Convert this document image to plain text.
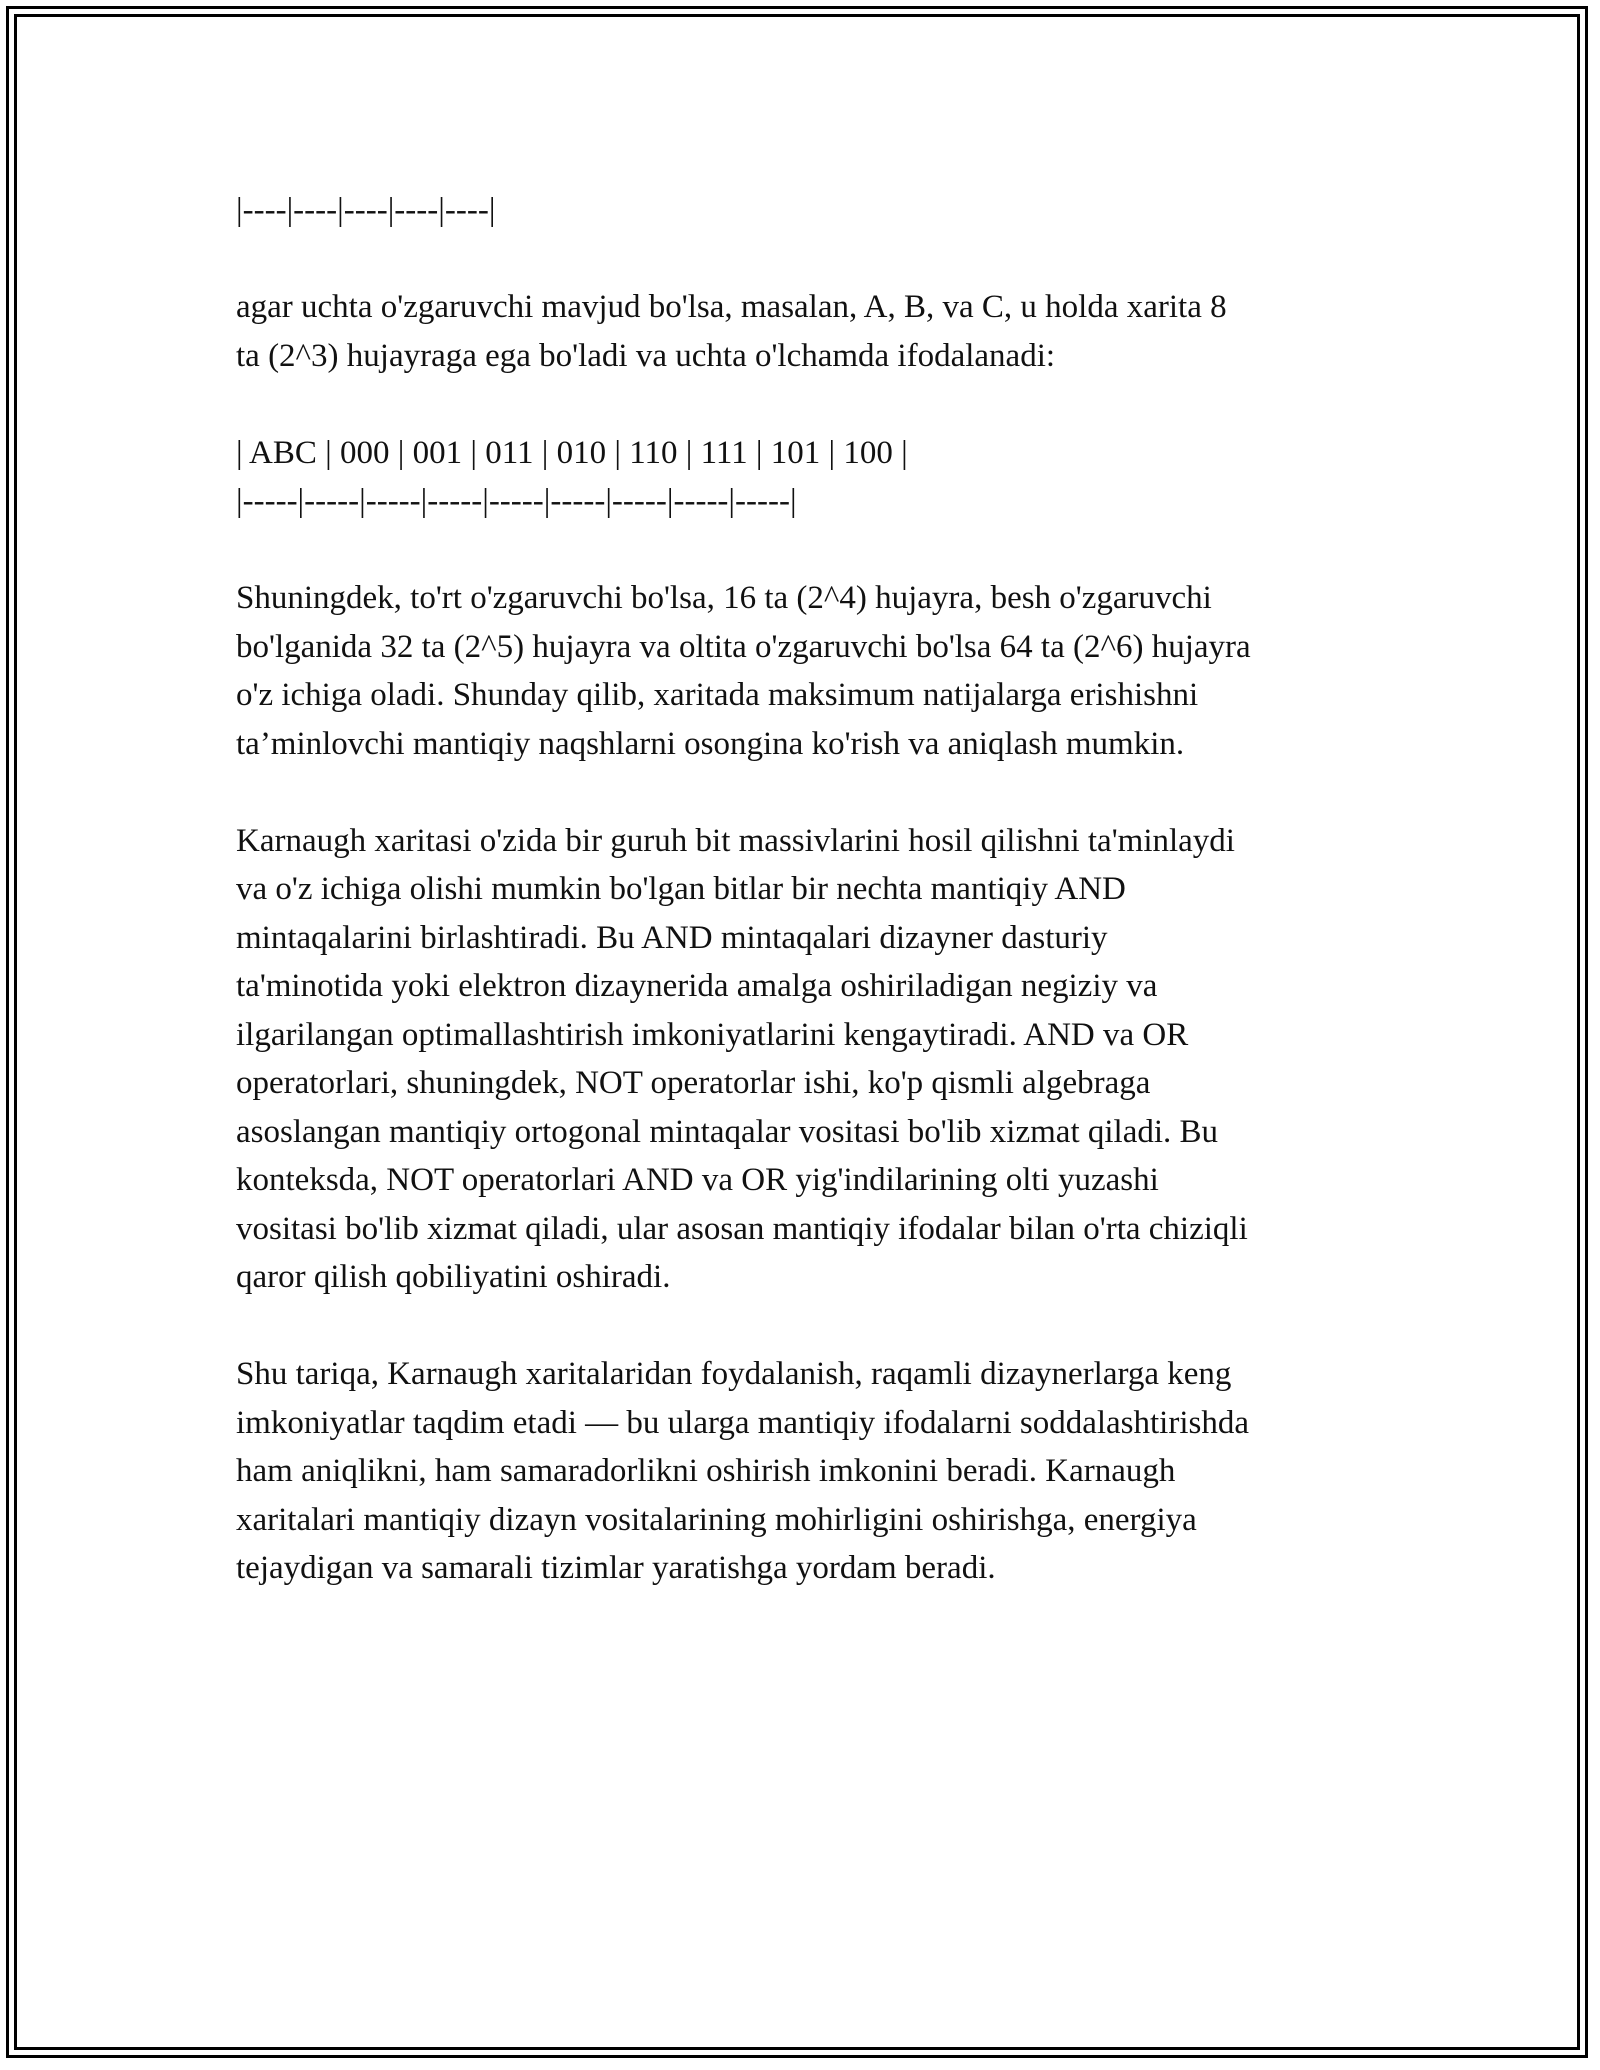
|----|----|----|----|----|

agar uchta o'zgaruvchi mavjud bo'lsa, masalan, A, B, va C, u holda xarita 8
ta (2^3) hujayraga ega bo'ladi va uchta o'lchamda ifodalanadi:

| ABC | 000 | 001 | 011 | 010 | 110 | 111 | 101 | 100 |
|-----|-----|-----|-----|-----|-----|-----|-----|-----|

Shuningdek, to'rt o'zgaruvchi bo'lsa, 16 ta (2^4) hujayra, besh o'zgaruvchi
bo'lganida 32 ta (2^5) hujayra va oltita o'zgaruvchi bo'lsa 64 ta (2^6) hujayra
o'z ichiga oladi. Shunday qilib, xaritada maksimum natijalarga erishishni
ta’minlovchi mantiqiy naqshlarni osongina ko'rish va aniqlash mumkin.

Karnaugh xaritasi o'zida bir guruh bit massivlarini hosil qilishni ta'minlaydi
va o'z ichiga olishi mumkin bo'lgan bitlar bir nechta mantiqiy AND
mintaqalarini birlashtiradi. Bu AND mintaqalari dizayner dasturiy
ta'minotida yoki elektron dizaynerida amalga oshiriladigan negiziy va
ilgarilangan optimallashtirish imkoniyatlarini kengaytiradi. AND va OR
operatorlari, shuningdek, NOT operatorlar ishi, ko'p qismli algebraga
asoslangan mantiqiy ortogonal mintaqalar vositasi bo'lib xizmat qiladi. Bu
konteksda, NOT operatorlari AND va OR yig'indilarining olti yuzashi
vositasi bo'lib xizmat qiladi, ular asosan mantiqiy ifodalar bilan o'rta chiziqli
qaror qilish qobiliyatini oshiradi.

Shu tariqa, Karnaugh xaritalaridan foydalanish, raqamli dizaynerlarga keng
imkoniyatlar taqdim etadi — bu ularga mantiqiy ifodalarni soddalashtirishda
ham aniqlikni, ham samaradorlikni oshirish imkonini beradi. Karnaugh
xaritalari mantiqiy dizayn vositalarining mohirligini oshirishga, energiya
tejaydigan va samarali tizimlar yaratishga yordam beradi.
